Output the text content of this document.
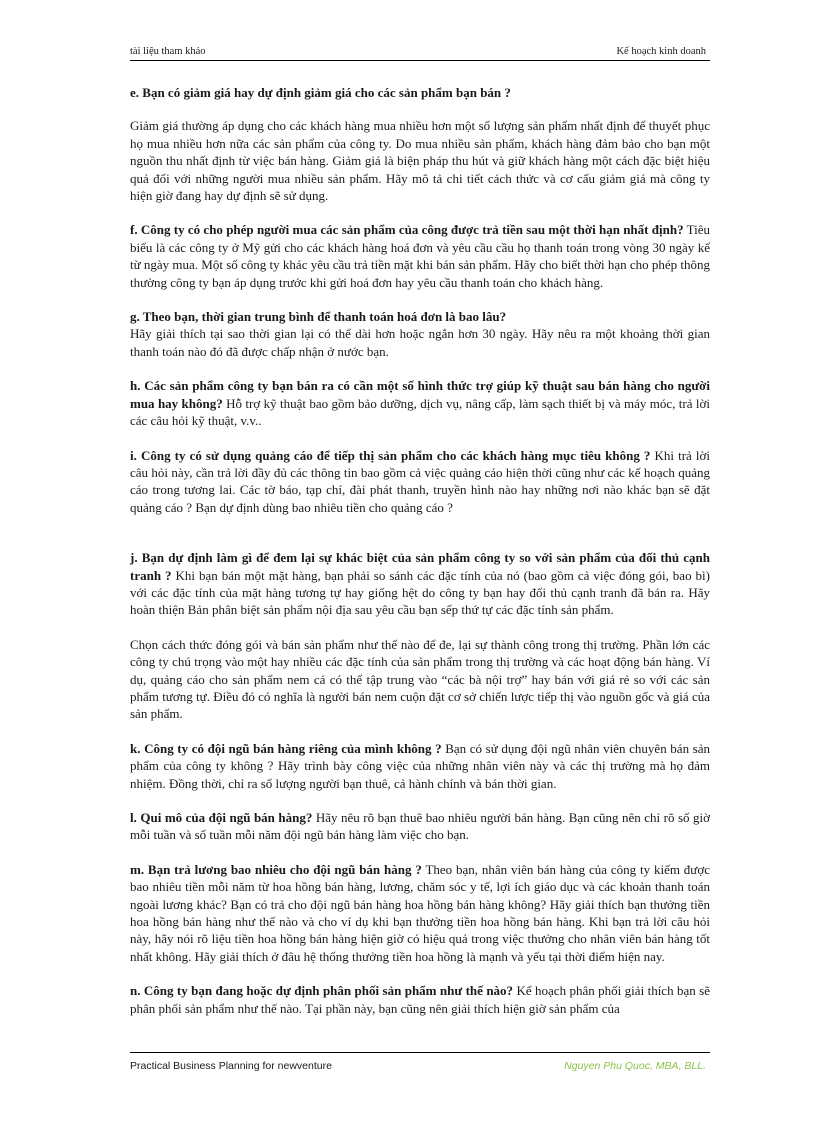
tài liệu tham khảo	Kế hoạch kinh doanh
e. Bạn có giảm giá hay dự định giảm giá cho các sản phẩm bạn bán ?

Giảm giá thường áp dụng cho các khách hàng mua nhiều hơn một số lượng sản phẩm nhất định để thuyết phục họ mua nhiều hơn nữa các sản phẩm của công ty. Do mua nhiều sản phẩm, khách hàng đảm bảo cho bạn một nguồn thu nhất định từ việc bán hàng. Giảm giá là biện pháp thu hút và giữ khách hàng một cách đặc biệt hiệu quả đối với những người mua nhiều sản phẩm. Hãy mô tả chi tiết cách thức và cơ cấu giảm giá mà công ty hiện giờ đang hay dự định sẽ sử dụng.

f. Công ty có cho phép người mua các sản phẩm của công được trả tiền sau một thời hạn nhất định? Tiêu biểu là các công ty ở Mỹ gửi cho các khách hàng hoá đơn và yêu cầu cầu họ thanh toán trong vòng 30 ngày kể từ ngày mua. Một số công ty khác yêu cầu trả tiền mặt khi bán sản phẩm. Hãy cho biết thời hạn cho phép thông thường công ty bạn áp dụng trước khi gửi hoá đơn hay yêu cầu thanh toán cho khách hàng.

g. Theo bạn, thời gian trung bình để thanh toán hoá đơn là bao lâu?
Hãy giải thích tại sao thời gian lại có thể dài hơn hoặc ngắn hơn 30 ngày. Hãy nêu ra một khoảng thời gian thanh toán nào đó đã được chấp nhận ở nước bạn.

h. Các sản phẩm công ty bạn bán ra có cần một số hình thức trợ giúp kỹ thuật sau bán hàng cho người mua hay không? Hỗ trợ kỹ thuật bao gồm bảo dưỡng, dịch vụ, nâng cấp, làm sạch thiết bị và máy móc, trả lời các câu hỏi kỹ thuật, v.v..

i. Công ty có sử dụng quảng cáo để tiếp thị sản phẩm cho các khách hàng mục tiêu không ? Khi trả lời câu hỏi này, cần trả lời đầy đủ các thông tin bao gồm cả việc quảng cáo hiện thời cũng như các kế hoạch quảng cáo trong tương lai. Các tờ báo, tạp chí, đài phát thanh, truyền hình nào hay những nơi nào khác bạn sẽ đặt quảng cáo ? Bạn dự định dùng bao nhiêu tiền cho quảng cáo ?

j. Bạn dự định làm gì để đem lại sự khác biệt của sản phẩm công ty so với sản phẩm của đối thủ cạnh tranh ? Khi bạn bán một mặt hàng, bạn phải so sánh các đặc tính của nó (bao gồm cả việc đóng gói, bao bì) với các đặc tính của mặt hàng tương tự hay giống hệt do công ty bạn hay đối thủ cạnh tranh đã bán ra. Hãy hoàn thiện Bản phân biệt sản phẩm nội địa sau yêu cầu bạn sếp thứ tự các đặc tính sản phẩm.

Chọn cách thức đóng gói và bán sản phẩm như thế nào để đe, lại sự thành công trong thị trường. Phần lớn các công ty chú trọng vào một hay nhiều các đặc tính của sản phẩm trong thị trường và các hoạt động bán hàng. Ví dụ, quảng cáo cho sản phẩm nem cá có thể tập trung vào “các bà nội trợ” hay bán với giá rẻ so với các sản phẩm tương tự. Điều đó có nghĩa là người bán nem cuộn đặt cơ sở chiến lược tiếp thị vào nguồn gốc và giá của sản phẩm.

k. Công ty có đội ngũ bán hàng riêng của mình không ? Bạn có sử dụng đội ngũ nhân viên chuyên bán sản phẩm của công ty không ? Hãy trình bày công việc của những nhân viên này và các thị trường mà họ đảm nhiệm. Đồng thời, chỉ ra số lượng người bạn thuê, cả hành chính và bán thời gian.

l. Qui mô của đội ngũ bán hàng? Hãy nêu rõ bạn thuê bao nhiêu người bán hàng. Bạn cũng nên chỉ rõ số giờ mỗi tuần và số tuần mỗi năm đội ngũ bán hàng làm việc cho bạn.

m. Bạn trả lương bao nhiêu cho đội ngũ bán hàng ? Theo bạn, nhân viên bán hàng của công ty kiếm được bao nhiêu tiền mỗi năm từ hoa hồng bán hàng, lương, chăm sóc y tế, lợi ích giáo dục và các khoản thanh toán ngoài lương khác? Bạn có trả cho đội ngũ bán hàng hoa hồng bán hàng không? Hãy giải thích bạn thưởng tiền hoa hồng bán hàng như thế nào và cho ví dụ khi bạn thưởng tiền hoa hồng bán hàng. Khi bạn trả lời câu hỏi này, hãy nói rõ liệu tiền hoa hồng bán hàng hiện giờ có hiệu quả trong việc thưởng cho nhân viên bán hàng tốt nhất không. Hãy giải thích ở đâu hệ thống thưởng tiền hoa hồng là mạnh và yếu tại thời điểm hiện nay.

n. Công ty bạn đang hoặc dự định phân phối sản phẩm như thế nào? Kế hoạch phân phối giải thích bạn sẽ phân phối sản phẩm như thế nào. Tại phần này, bạn cũng nên giải thích hiện giờ sản phẩm của

Practical Business Planning for newventure	Nguyen Phu Quoc, MBA, BLL.
